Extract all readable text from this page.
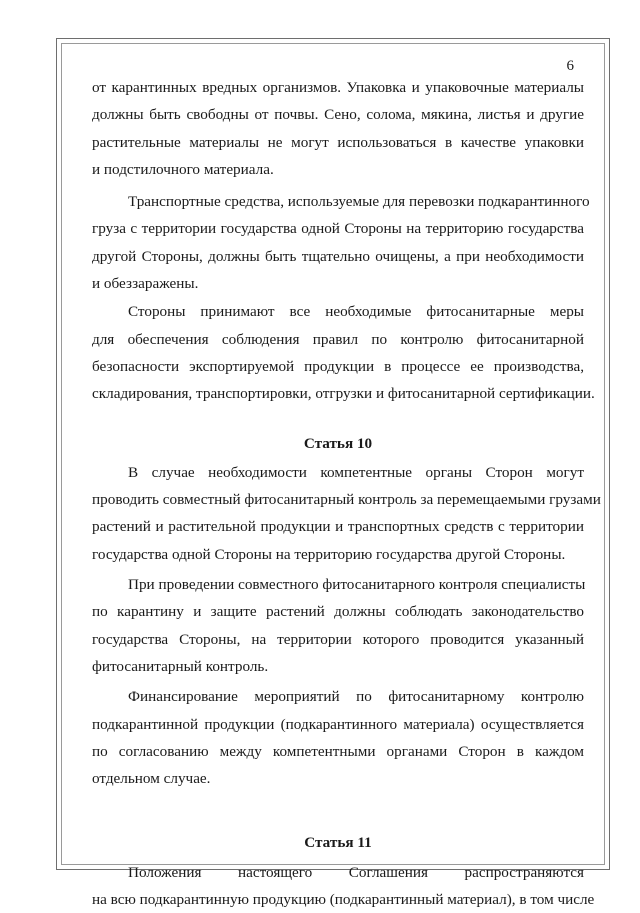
6

от карантинных вредных организмов. Упаковка и упаковочные материалы
должны быть свободны от почвы. Сено, солома, мякина, листья и другие
растительные материалы не могут использоваться в качестве упаковки
и подстилочного материала.

Транспортные средства, используемые для перевозки подкарантинного
груза с территории государства одной Стороны на территорию государства
другой Стороны, должны быть тщательно очищены, а при необходимости
и обеззаражены.

Стороны принимают все необходимые фитосанитарные меры
для обеспечения соблюдения правил по контролю фитосанитарной
безопасности экспортируемой продукции в процессе ее производства,
складирования, транспортировки, отгрузки и фитосанитарной сертификации.

Статья 10

В случае необходимости компетентные органы Сторон могут
проводить совместный фитосанитарный контроль за перемещаемыми грузами
растений и растительной продукции и транспортных средств с территории
государства одной Стороны на территорию государства другой Стороны.

При проведении совместного фитосанитарного контроля специалисты
по карантину и защите растений должны соблюдать законодательство
государства Стороны, на территории которого проводится указанный
фитосанитарный контроль.

Финансирование мероприятий по фитосанитарному контролю
подкарантинной продукции (подкарантинного материала) осуществляется
по согласованию между компетентными органами Сторон в каждом
отдельном случае.

Статья 11

Положения настоящего Соглашения распространяются
на всю подкарантинную продукцию (подкарантинный материал), в том числе
